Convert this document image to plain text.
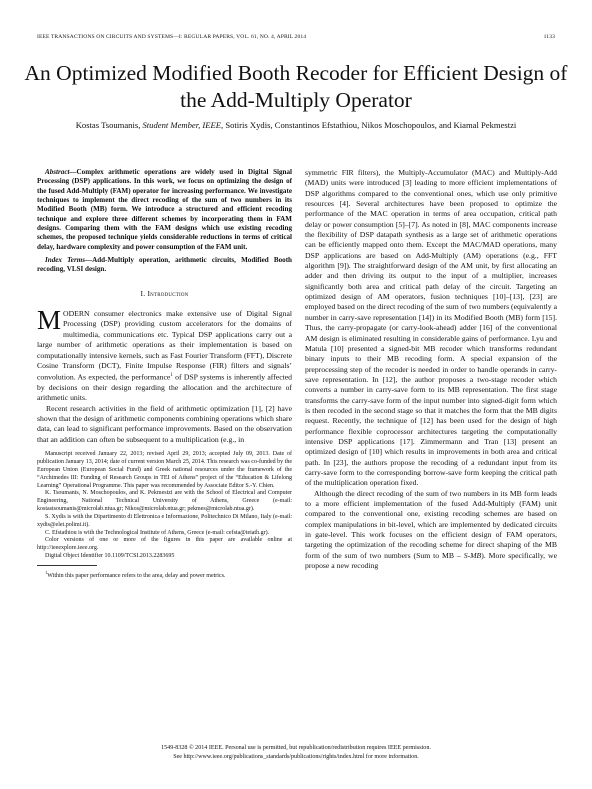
IEEE TRANSACTIONS ON CIRCUITS AND SYSTEMS—I: REGULAR PAPERS, VOL. 61, NO. 4, APRIL 2014	1133
An Optimized Modified Booth Recoder for Efficient Design of the Add-Multiply Operator
Kostas Tsoumanis, Student Member, IEEE, Sotiris Xydis, Constantinos Efstathiou, Nikos Moschopoulos, and Kiamal Pekmestzi

Abstract—Complex arithmetic operations are widely used in Digital Signal Processing (DSP) applications. In this work, we focus on optimizing the design of the fused Add-Multiply (FAM) operator for increasing performance. We investigate techniques to implement the direct recoding of the sum of two numbers in its Modified Booth (MB) form. We introduce a structured and efficient recoding technique and explore three different schemes by incorporating them in FAM designs. Comparing them with the FAM designs which use existing recoding schemes, the proposed technique yields considerable reductions in terms of critical delay, hardware complexity and power consumption of the FAM unit.

Index Terms—Add-Multiply operation, arithmetic circuits, Modified Booth recoding, VLSI design.

I. Introduction

MODERN consumer electronics make extensive use of Digital Signal Processing (DSP) providing custom accelerators for the domains of multimedia, communications etc. Typical DSP applications carry out a large number of arithmetic operations as their implementation is based on computationally intensive kernels, such as Fast Fourier Transform (FFT), Discrete Cosine Transform (DCT), Finite Impulse Response (FIR) filters and signals’ convolution. As expected, the performance$^1$ of DSP systems is inherently affected by decisions on their design regarding the allocation and the architecture of arithmetic units.

Recent research activities in the field of arithmetic optimization [1], [2] have shown that the design of arithmetic components combining operations which share data, can lead to significant performance improvements. Based on the observation that an addition can often be subsequent to a multiplication (e.g., in

Manuscript received January 22, 2013; revised April 29, 2013; accepted July 09, 2013. Date of publication January 13, 2014; date of current version March 25, 2014. This research was co-funded by the European Union (European Social Fund) and Greek national resources under the framework of the “Archimedes III: Funding of Research Groups in TEI of Athens” project of the “Education & Lifelong Learning” Operational Programme. This paper was recommended by Associate Editor S.-Y. Chien.

K. Tsoumanis, N. Moschopoulos, and K. Pekmestzi are with the School of Electrical and Computer Engineering, National Technical University of Athens, Greece (e-mail: kostastsoumanis@microlab.ntua.gr; Nikos@microlab.ntua.gr; pekmes@microlab.ntua.gr).

S. Xydis is with the Dipartimento di Elettronica e Informazione, Politechnico Di Milano, Italy (e-mail: xydis@elet.polimi.it).

C. Efstathiou is with the Technological Institute of Athens, Greece (e-mail: cefsta@teiath.gr).

Color versions of one or more of the figures in this paper are available online at http://ieeexplore.ieee.org.

Digital Object Identifier 10.1109/TCSI.2013.2283695

$^1$Within this paper performance refers to the area, delay and power metrics.

symmetric FIR filters), the Multiply-Accumulator (MAC) and Multiply-Add (MAD) units were introduced [3] leading to more efficient implementations of DSP algorithms compared to the conventional ones, which use only primitive resources [4]. Several architectures have been proposed to optimize the performance of the MAC operation in terms of area occupation, critical path delay or power consumption [5]–[7]. As noted in [8], MAC components increase the flexibility of DSP datapath synthesis as a large set of arithmetic operations can be efficiently mapped onto them. Except the MAC/MAD operations, many DSP applications are based on Add-Multiply (AM) operations (e.g., FFT algorithm [9]). The straightforward design of the AM unit, by first allocating an adder and then driving its output to the input of a multiplier, increases significantly both area and critical path delay of the circuit. Targeting an optimized design of AM operators, fusion techniques [10]–[13], [23] are employed based on the direct recoding of the sum of two numbers (equivalently a number in carry-save representation [14]) in its Modified Booth (MB) form [15]. Thus, the carry-propagate (or carry-look-ahead) adder [16] of the conventional AM design is eliminated resulting in considerable gains of performance. Lyu and Matula [10] presented a signed-bit MB recoder which transforms redundant binary inputs to their MB recoding form. A special expansion of the preprocessing step of the recoder is needed in order to handle operands in carry-save representation. In [12], the author proposes a two-stage recoder which converts a number in carry-save form to its MB representation. The first stage transforms the carry-save form of the input number into signed-digit form which is then recoded in the second stage so that it matches the form that the MB digits request. Recently, the technique of [12] has been used for the design of high performance flexible coprocessor architectures targeting the computationally intensive DSP applications [17]. Zimmermann and Tran [13] present an optimized design of [10] which results in improvements in both area and critical path. In [23], the authors propose the recoding of a redundant input from its carry-save form to the corresponding borrow-save form keeping the critical path of the multiplication operation fixed.

Although the direct recoding of the sum of two numbers in its MB form leads to a more efficient implementation of the fused Add-Multiply (FAM) unit compared to the conventional one, existing recoding schemes are based on complex manipulations in bit-level, which are implemented by dedicated circuits in gate-level. This work focuses on the efficient design of FAM operators, targeting the optimization of the recoding scheme for direct shaping of the MB form of the sum of two numbers (Sum to MB – S-MB). More specifically, we propose a new recoding

1549-8328 © 2014 IEEE. Personal use is permitted, but republication/redistribution requires IEEE permission.
See http://www.ieee.org/publications_standards/publications/rights/index.html for more information.
